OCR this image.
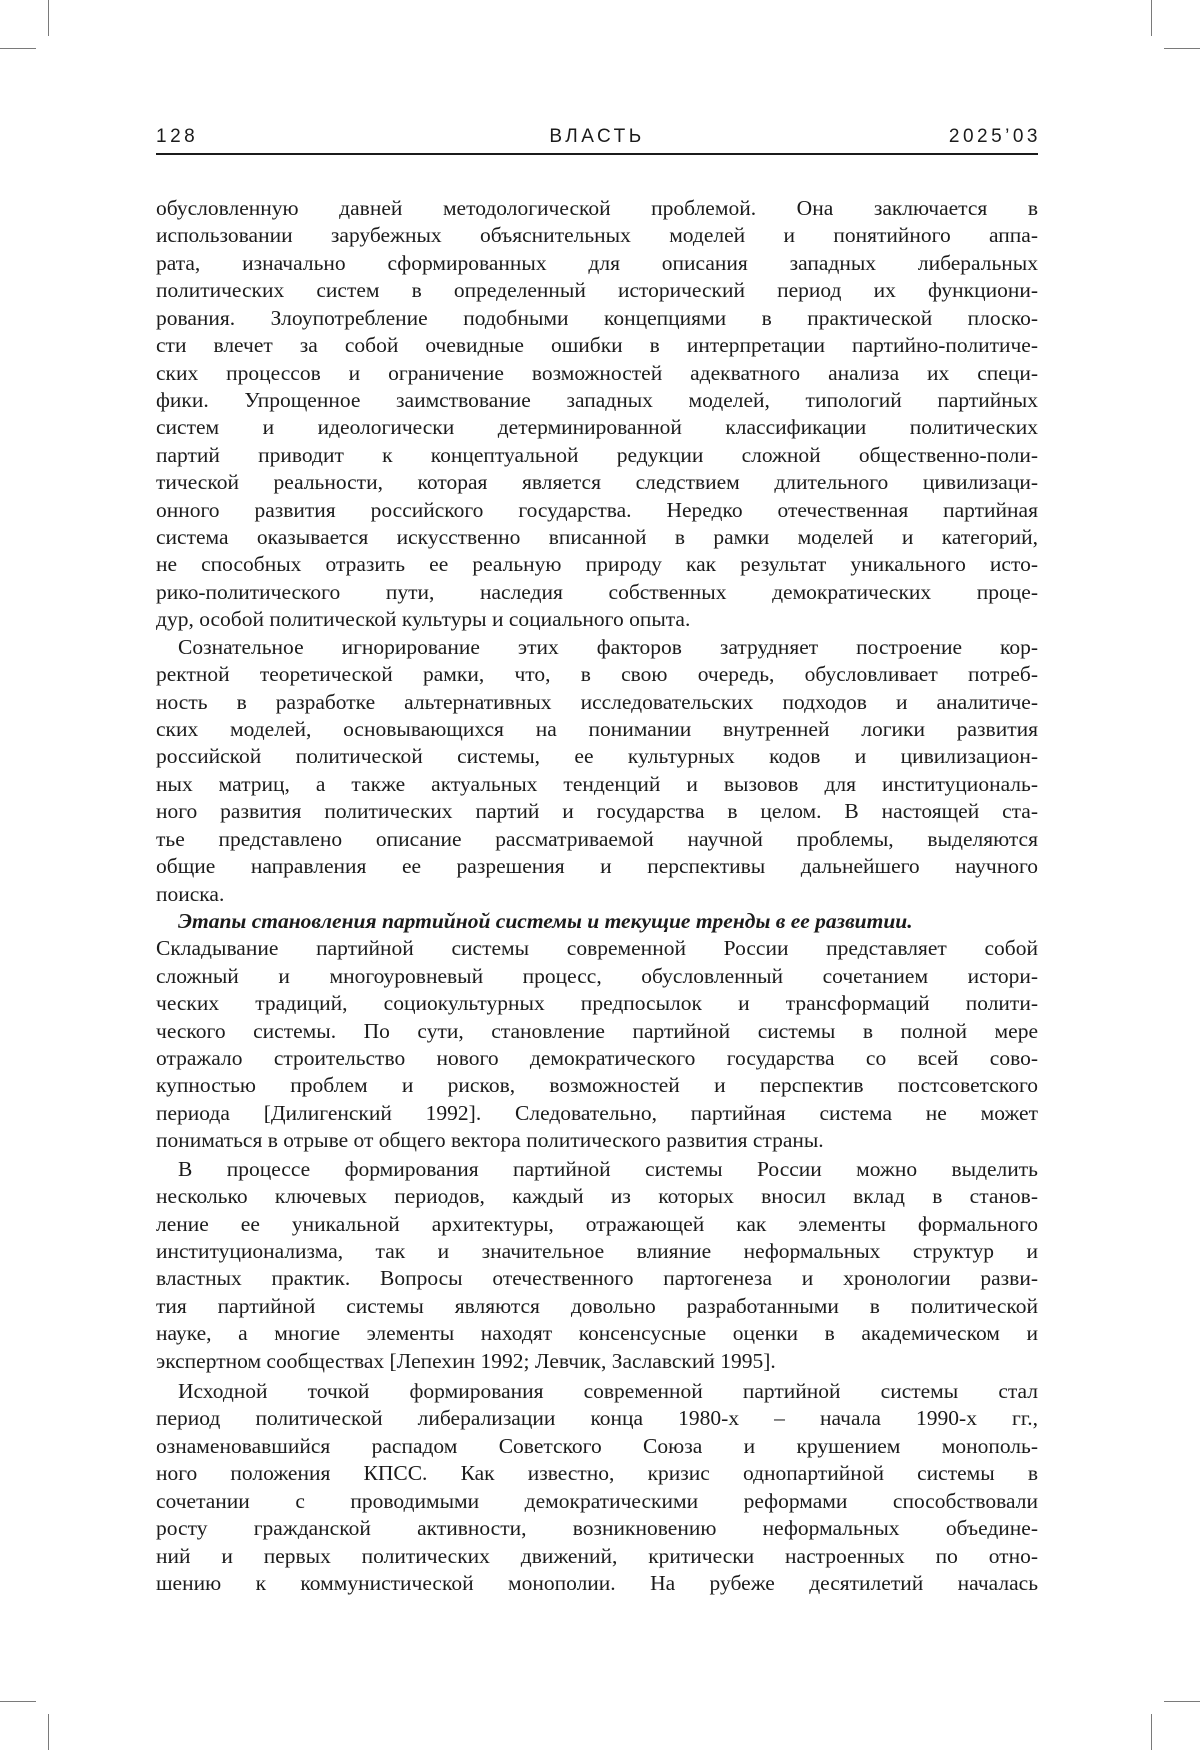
128	ВЛАСТЬ	2025’03
обусловленную давней методологической проблемой. Она заключается в
использовании зарубежных объяснительных моделей и понятийного аппа-
рата, изначально сформированных для описания западных либеральных
политических систем в определенный исторический период их функциони-
рования. Злоупотребление подобными концепциями в практической плоско-
сти влечет за собой очевидные ошибки в интерпретации партийно-политиче-
ских процессов и ограничение возможностей адекватного анализа их специ-
фики. Упрощенное заимствование западных моделей, типологий партийных
систем и идеологически детерминированной классификации политических
партий приводит к концептуальной редукции сложной общественно-поли-
тической реальности, которая является следствием длительного цивилизаци-
онного развития российского государства. Нередко отечественная партийная
система оказывается искусственно вписанной в рамки моделей и категорий,
не способных отразить ее реальную природу как результат уникального исто-
рико-политического пути, наследия собственных демократических проце-
дур, особой политической культуры и социального опыта.
Сознательное игнорирование этих факторов затрудняет построение кор-
ректной теоретической рамки, что, в свою очередь, обусловливает потреб-
ность в разработке альтернативных исследовательских подходов и аналитиче-
ских моделей, основывающихся на понимании внутренней логики развития
российской политической системы, ее культурных кодов и цивилизацион-
ных матриц, а также актуальных тенденций и вызовов для институциональ-
ного развития политических партий и государства в целом. В настоящей ста-
тье представлено описание рассматриваемой научной проблемы, выделяются
общие направления ее разрешения и перспективы дальнейшего научного
поиска.
Этапы становления партийной системы и текущие тренды в ее развитии.
Складывание партийной системы современной России представляет собой
сложный и многоуровневый процесс, обусловленный сочетанием истори-
ческих традиций, социокультурных предпосылок и трансформаций полити-
ческого системы. По сути, становление партийной системы в полной мере
отражало строительство нового демократического государства со всей сово-
купностью проблем и рисков, возможностей и перспектив постсоветского
периода [Дилигенский 1992]. Следовательно, партийная система не может
пониматься в отрыве от общего вектора политического развития страны.
В процессе формирования партийной системы России можно выделить
несколько ключевых периодов, каждый из которых вносил вклад в станов-
ление ее уникальной архитектуры, отражающей как элементы формального
институционализма, так и значительное влияние неформальных структур и
властных практик. Вопросы отечественного партогенеза и хронологии разви-
тия партийной системы являются довольно разработанными в политической
науке, а многие элементы находят консенсусные оценки в академическом и
экспертном сообществах [Лепехин 1992; Левчик, Заславский 1995].
Исходной точкой формирования современной партийной системы стал
период политической либерализации конца 1980-х – начала 1990-х гг.,
ознаменовавшийся распадом Советского Союза и крушением монополь-
ного положения КПСС. Как известно, кризис однопартийной системы в
сочетании с проводимыми демократическими реформами способствовали
росту гражданской активности, возникновению неформальных объедине-
ний и первых политических движений, критически настроенных по отно-
шению к коммунистической монополии. На рубеже десятилетий началась
